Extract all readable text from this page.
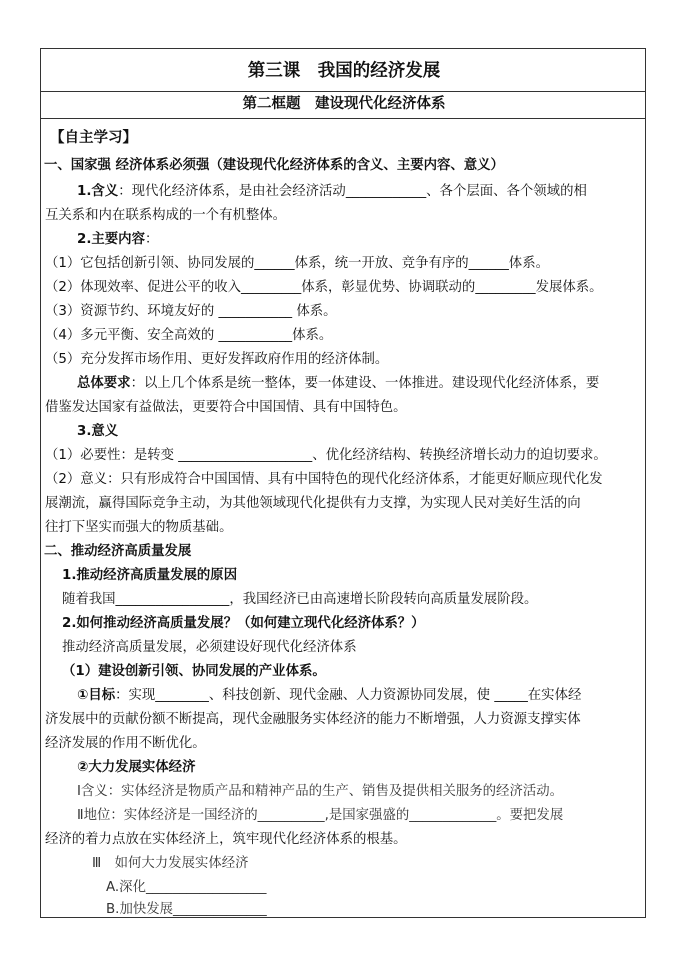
第三课　我国的经济发展
第二框题　建设现代化经济体系
【自主学习】
一、国家强 经济体系必须强（建设现代化经济体系的含义、主要内容、意义）
1.含义：现代化经济体系，是由社会经济活动____________、各个层面、各个领域的相
互关系和内在联系构成的一个有机整体。
2.主要内容：
（1）它包括创新引领、协同发展的______体系，统一开放、竞争有序的______体系。
（2）体现效率、促进公平的收入_________体系，彰显优势、协调联动的_________发展体系。
（3）资源节约、环境友好的 ___________ 体系。
（4）多元平衡、安全高效的 ___________体系。
（5）充分发挥市场作用、更好发挥政府作用的经济体制。
总体要求：以上几个体系是统一整体，要一体建设、一体推进。建设现代化经济体系，要
借鉴发达国家有益做法，更要符合中国国情、具有中国特色。
3.意义
（1）必要性：是转变 ____________________、优化经济结构、转换经济增长动力的迫切要求。
（2）意义：只有形成符合中国国情、具有中国特色的现代化经济体系，才能更好顺应现代化发
展潮流，赢得国际竞争主动，为其他领域现代化提供有力支撑，为实现人民对美好生活的向
往打下坚实而强大的物质基础。
二、推动经济高质量发展
1.推动经济高质量发展的原因
随着我国_________________，我国经济已由高速增长阶段转向高质量发展阶段。
2.如何推动经济高质量发展？（如何建立现代化经济体系？）
推动经济高质量发展，必须建设好现代化经济体系
（1）建设创新引领、协同发展的产业体系。
①目标：实现________、科技创新、现代金融、人力资源协同发展，使 _____在实体经
济发展中的贡献份额不断提高，现代金融服务实体经济的能力不断增强，人力资源支撑实体
经济发展的作用不断优化。
②大力发展实体经济
Ⅰ含义：实体经济是物质产品和精神产品的生产、销售及提供相关服务的经济活动。
Ⅱ地位：实体经济是一国经济的__________,是国家强盛的_____________。要把发展
经济的着力点放在实体经济上，筑牢现代化经济体系的根基。
Ⅲ　如何大力发展实体经济
A.深化__________________
B.加快发展______________
